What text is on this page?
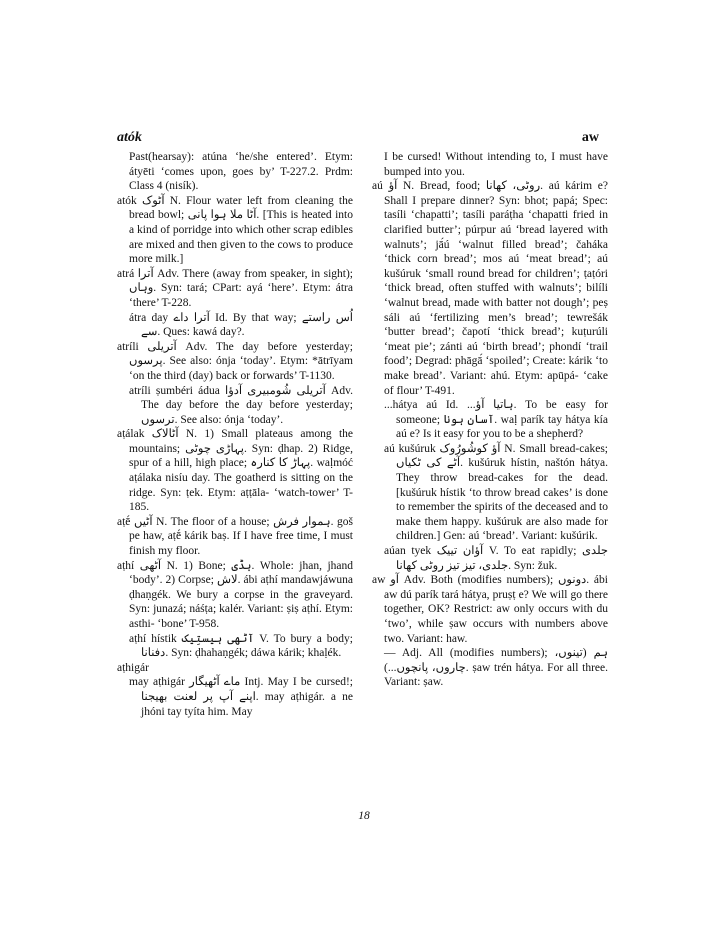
atók	aw

Past(hearsay): atúna ‘he/she entered’. Etym: átyēti ‘comes upon, goes by’ T-227.2. Prdm: Class 4 (nisík).

atók آٹوک N. Flour water left from cleaning the bread bowl; آٹا ملا ہوا پانی. [This is heated into a kind of porridge into which other scrap edibles are mixed and then given to the cows to produce more milk.]

atrá آترا Adv. There (away from speaker, in sight); وہاں. Syn: tará; CPart: ayá ‘here’. Etym: átra ‘there’ T-228.

átra day آترا داے Id. By that way; اُس راستے سے. Ques: kawá day?.

atríli آتریلی Adv. The day before yesterday; پرسوں. See also: ónja ‘today’. Etym: *ātrīyam ‘on the third (day) back or forwards’ T-1130.

atríli ṣumbéri ádua آتریلی شُومبیری آدؤا Adv. The day before the day before yesterday; ترسوں. See also: ónja ‘today’.

aṭálak آٹالاک N. 1) Small plateaus among the mountains; پہاڑی چوٹی. Syn: ḍhap. 2) Ridge, spur of a hill, high place; پہاڑ کا کنارہ. waḷmóć aṭálaka nisíu day. The goatherd is sitting on the ridge. Syn: ṭek. Etym: aṭṭāla- ‘watch-tower’ T-185.

aṭḗ آٹیں N. The floor of a house; ہموار فرش. goš pe haw, aṭḗ kárik baṣ. If I have free time, I must finish my floor.

aṭhí آٹھی N. 1) Bone; ہڈی. Whole: jhan, jhand ‘body’. 2) Corpse; لاش. ábi aṭhí mandawjáwuna ḍhaṇgék. We bury a corpse in the graveyard. Syn: junazá; náśṭa; kalér. Variant: ṣiṣ aṭhí. Etym: asthi- ‘bone’ T-958.

aṭhí hístik آٹھی ہیستِیک V. To bury a body; دفنانا. Syn: ḍhahaṇgék; dáwa kárik; khaḷék.

aṭhigár

may aṭhigár ماے آٹھیگار Intj. May I be cursed!; اپنے آپ پر لعنت بھیجنا. may aṭhigár. a ne jhóni tay tyíta him. May

I be cursed! Without intending to, I must have bumped into you.

aú آؤ N. Bread, food; روٹی، کھانا. aú kárim e? Shall I prepare dinner? Syn: bhot; papá; Spec: tasíli ‘chapatti’; tasíli paráṭha ‘chapatti fried in clarified butter’; púrpur aú ‘bread layered with walnuts’; jā́ú ‘walnut filled bread’; čaháka ‘thick corn bread’; mos aú ‘meat bread’; aú kušúruk ‘small round bread for children’; ṭaṭóri ‘thick bread, often stuffed with walnuts’; bilíli ‘walnut bread, made with batter not dough’; peṣ sáli aú ‘fertilizing men’s bread’; tewrešák ‘butter bread’; čapotí ‘thick bread’; kuṭurúli ‘meat pie’; zánti aú ‘birth bread’; phondí ‘trail food’; Degrad: phāgā́ ‘spoiled’; Create: kárik ‘to make bread’. Variant: ahú. Etym: apūpá- ‘cake of flour’ T-491.

...hátya aú Id. ...ہاتیا آؤ. To be easy for someone; آسان ہونا. waḷ parík tay hátya kía aú e? Is it easy for you to be a shepherd?

aú kušúruk آؤ کوشُورُوک N. Small bread-cakes; آٹے کی ٹکیاں. kušúruk hístin, naštón hátya. They throw bread-cakes for the dead. [kušúruk hístik ‘to throw bread cakes’ is done to remember the spirits of the deceased and to make them happy. kušúruk are also made for children.] Gen: aú ‘bread’. Variant: kušúrik.

aúan tyek آؤان تییک V. To eat rapidly; جلدی جلدی، تیز تیز روٹی کھانا. Syn: žuk.

aw آو Adv. Both (modifies numbers); دونوں. ábi aw dú parík tará hátya, pruṣṭ e? We will go there together, OK? Restrict: aw only occurs with du ‘two’, while ṣaw occurs with numbers above two. Variant: haw.

— Adj. All (modifies numbers); ہم (تینوں، چاروں، پانچوں...). ṣaw trén hátya. For all three. Variant: ṣaw.

18
